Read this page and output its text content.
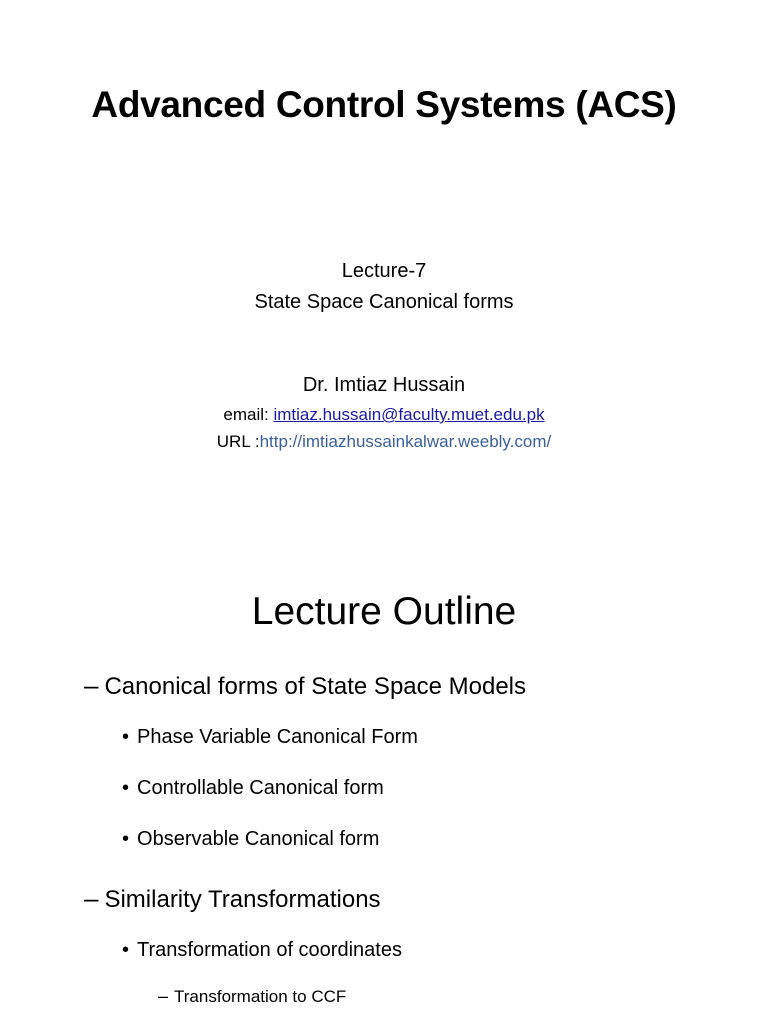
Advanced Control Systems (ACS)
Lecture-7
State Space Canonical forms
Dr. Imtiaz Hussain
email: imtiaz.hussain@faculty.muet.edu.pk
URL :http://imtiazhussainkalwar.weebly.com/
Lecture Outline
– Canonical forms of State Space Models
• Phase Variable Canonical Form
• Controllable Canonical form
• Observable Canonical form
– Similarity Transformations
• Transformation of coordinates
– Transformation to CCF
